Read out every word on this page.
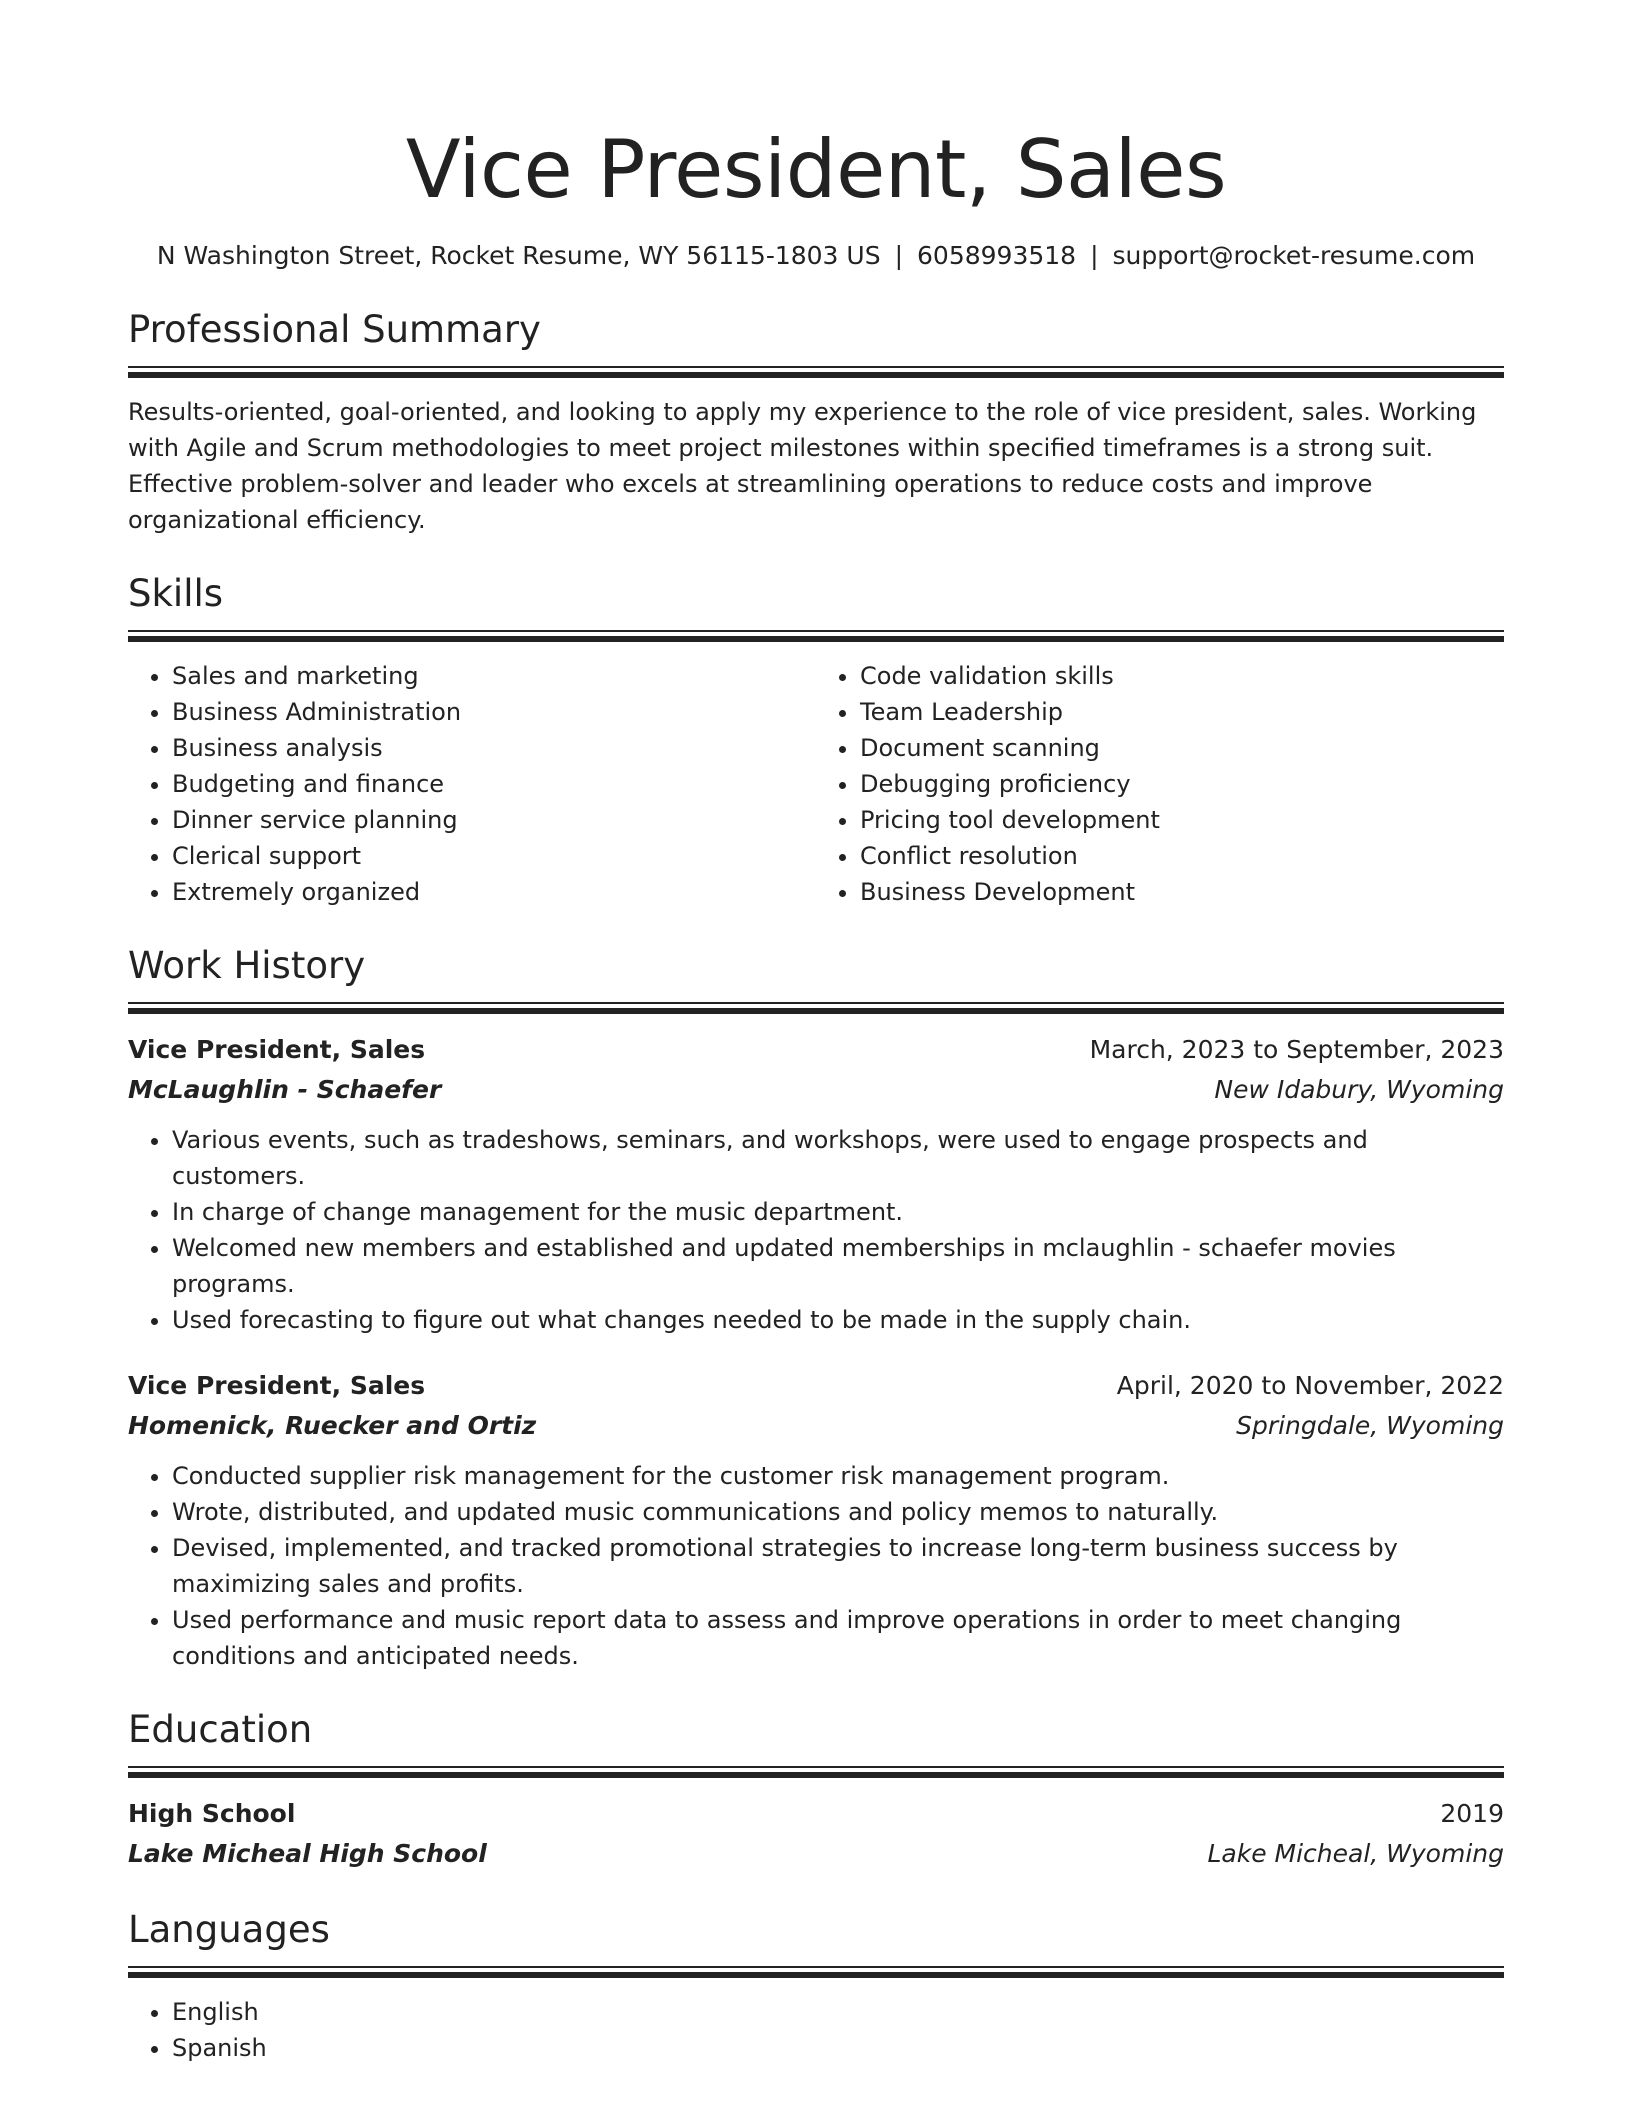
Vice President, Sales
N Washington Street, Rocket Resume, WY 56115-1803 US | 6058993518 | support@rocket-resume.com
Professional Summary

Results-oriented, goal-oriented, and looking to apply my experience to the role of vice president, sales. Working with Agile and Scrum methodologies to meet project milestones within specified timeframes is a strong suit. Effective problem-solver and leader who excels at streamlining operations to reduce costs and improve organizational efficiency.

Skills
• Sales and marketing
• Business Administration
• Business analysis
• Budgeting and finance
• Dinner service planning
• Clerical support
• Extremely organized
• Code validation skills
• Team Leadership
• Document scanning
• Debugging proficiency
• Pricing tool development
• Conflict resolution
• Business Development
Work History
Vice President, Sales	March, 2023 to September, 2023
McLaughlin - Schaefer	New Idabury, Wyoming
• Various events, such as tradeshows, seminars, and workshops, were used to engage prospects and customers.
• In charge of change management for the music department.
• Welcomed new members and established and updated memberships in mclaughlin - schaefer movies programs.
• Used forecasting to figure out what changes needed to be made in the supply chain.
Vice President, Sales	April, 2020 to November, 2022
Homenick, Ruecker and Ortiz	Springdale, Wyoming
• Conducted supplier risk management for the customer risk management program.
• Wrote, distributed, and updated music communications and policy memos to naturally.
• Devised, implemented, and tracked promotional strategies to increase long-term business success by maximizing sales and profits.
• Used performance and music report data to assess and improve operations in order to meet changing conditions and anticipated needs.
Education
High School	2019
Lake Micheal High School	Lake Micheal, Wyoming
Languages
• English
• Spanish
